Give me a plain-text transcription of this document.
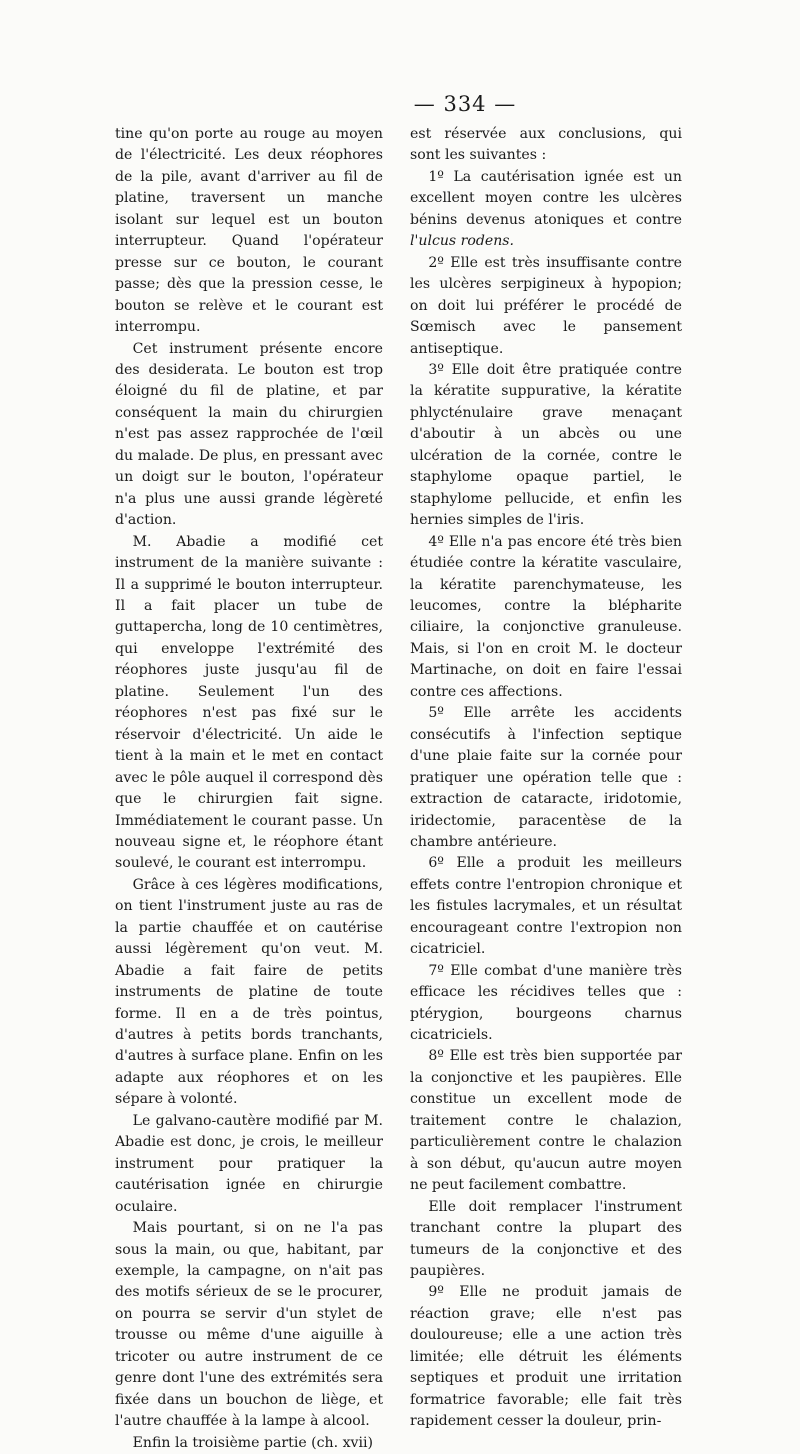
— 334 —

tine qu'on porte au rouge au moyen de l'électricité. Les deux réophores de la pile, avant d'arriver au fil de platine, traversent un manche isolant sur lequel est un bouton interrupteur. Quand l'opérateur presse sur ce bouton, le courant passe; dès que la pression cesse, le bouton se relève et le courant est interrompu.

Cet instrument présente encore des desiderata. Le bouton est trop éloigné du fil de platine, et par conséquent la main du chirurgien n'est pas assez rapprochée de l'œil du malade. De plus, en pressant avec un doigt sur le bouton, l'opérateur n'a plus une aussi grande légèreté d'action.

M. Abadie a modifié cet instrument de la manière suivante : Il a supprimé le bouton interrupteur. Il a fait placer un tube de guttapercha, long de 10 centimètres, qui enveloppe l'extrémité des réophores juste jusqu'au fil de platine. Seulement l'un des réophores n'est pas fixé sur le réservoir d'électricité. Un aide le tient à la main et le met en contact avec le pôle auquel il correspond dès que le chirurgien fait signe. Immédiatement le courant passe. Un nouveau signe et, le réophore étant soulevé, le courant est interrompu.

Grâce à ces légères modifications, on tient l'instrument juste au ras de la partie chauffée et on cautérise aussi légèrement qu'on veut. M. Abadie a fait faire de petits instruments de platine de toute forme. Il en a de très pointus, d'autres à petits bords tranchants, d'autres à surface plane. Enfin on les adapte aux réophores et on les sépare à volonté.

Le galvano-cautère modifié par M. Abadie est donc, je crois, le meilleur instrument pour pratiquer la cautérisation ignée en chirurgie oculaire.

Mais pourtant, si on ne l'a pas sous la main, ou que, habitant, par exemple, la campagne, on n'ait pas des motifs sérieux de se le procurer, on pourra se servir d'un stylet de trousse ou même d'une aiguille à tricoter ou autre instrument de ce genre dont l'une des extrémités sera fixée dans un bouchon de liège, et l'autre chauffée à la lampe à alcool.

Enfin la troisième partie (ch. xvii)

est réservée aux conclusions, qui sont les suivantes :

1º La cautérisation ignée est un excellent moyen contre les ulcères bénins devenus atoniques et contre l'ulcus rodens.

2º Elle est très insuffisante contre les ulcères serpigineux à hypopion; on doit lui préférer le procédé de Sœmisch avec le pansement antiseptique.

3º Elle doit être pratiquée contre la kératite suppurative, la kératite phlycténulaire grave menaçant d'aboutir à un abcès ou une ulcération de la cornée, contre le staphylome opaque partiel, le staphylome pellucide, et enfin les hernies simples de l'iris.

4º Elle n'a pas encore été très bien étudiée contre la kératite vasculaire, la kératite parenchymateuse, les leucomes, contre la blépharite ciliaire, la conjonctive granuleuse. Mais, si l'on en croit M. le docteur Martinache, on doit en faire l'essai contre ces affections.

5º Elle arrête les accidents consécutifs à l'infection septique d'une plaie faite sur la cornée pour pratiquer une opération telle que : extraction de cataracte, iridotomie, iridectomie, paracentèse de la chambre antérieure.

6º Elle a produit les meilleurs effets contre l'entropion chronique et les fistules lacrymales, et un résultat encourageant contre l'extropion non cicatriciel.

7º Elle combat d'une manière très efficace les récidives telles que : ptérygion, bourgeons charnus cicatriciels.

8º Elle est très bien supportée par la conjonctive et les paupières. Elle constitue un excellent mode de traitement contre le chalazion, particulièrement contre le chalazion à son début, qu'aucun autre moyen ne peut facilement combattre.

Elle doit remplacer l'instrument tranchant contre la plupart des tumeurs de la conjonctive et des paupières.

9º Elle ne produit jamais de réaction grave; elle n'est pas douloureuse; elle a une action très limitée; elle détruit les éléments septiques et produit une irritation formatrice favorable; elle fait très rapidement cesser la douleur, prin-
